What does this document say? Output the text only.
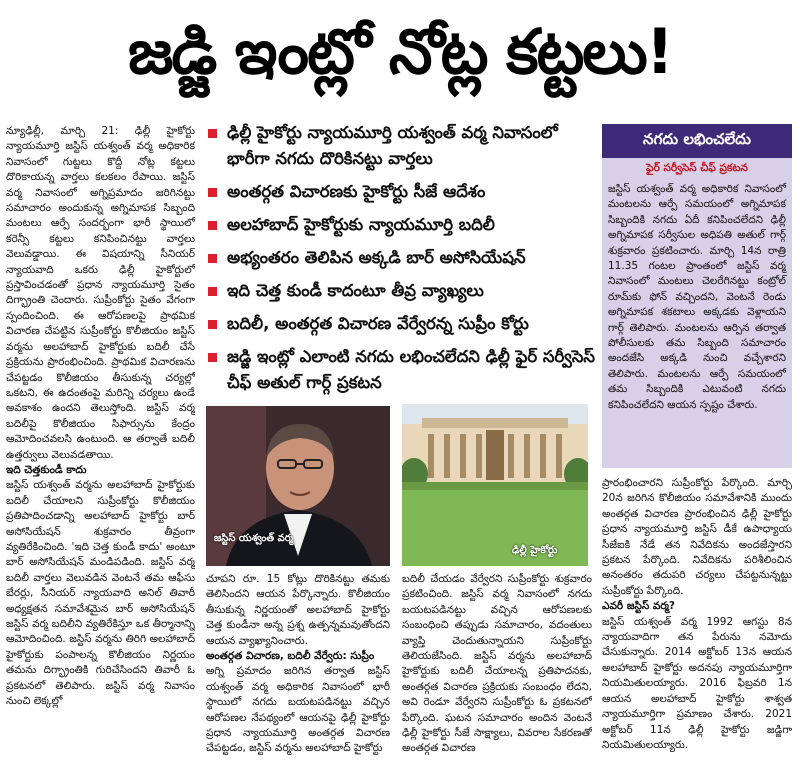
జడ్జి ఇంట్లో నోట్ల కట్టలు!

న్యూఢిల్లీ, మార్చి 21: ఢిల్లీ హైకోర్టు న్యాయమూర్తి జస్టిస్ యశ్వంత్ వర్మ అధికారిక నివాసంలో గుట్టలు కొద్దీ నోట్ల కట్టలు దొరికాయన్న వార్తలు కలకలం రేపాయి. జస్టిస్ వర్మ నివాసంలో అగ్నిప్రమాదం జరిగినట్టు సమాచారం అందుకున్న అగ్నిమాపక సిబ్బంది మంటలు ఆర్పే సందర్భంగా భారీ స్థాయిలో కరెన్సీ కట్టలు కనిపించినట్టు వార్తలు వెలువడ్డాయి. ఈ విషయాన్ని సీనియర్ న్యాయవాది ఒకరు ఢిల్లీ హైకోర్టులో ప్రస్తావించడంతో ప్రధాన న్యాయమూర్తి సైతం దిగ్భ్రాంతి చెందారు. సుప్రీంకోర్టు సైతం వేగంగా స్పందించింది. ఈ ఆరోపణలపై ప్రాథమిక విచారణ చేపట్టిన సుప్రీంకోర్టు కొలీజియం జస్టిస్ వర్మను అలహాబాద్ హైకోర్టుకు బదిలీ చేసే ప్రక్రియను ప్రారంభించింది. ప్రాథమిక విచారణను చేపట్టడం కొలీజియం తీసుకున్న చర్యల్లో ఒకటని, ఈ ఉదంతంపై మరిన్ని చర్యలు ఉండే అవకాశం ఉందని తెలుస్తోంది. జస్టిస్ వర్మ బదిలీపై కొలీజియం సిఫార్సును కేంద్రం ఆమోదించవలసి ఉంటుంది. ఆ తర్వాతే బదిలీ ఉత్తర్వులు వెలువడతాయి.

ఇది చెత్తకుండీ కాదు

జస్టిస్ యశ్వంత్ వర్మను అలహాబాద్ హైకోర్టుకు బదిలీ చేయాలని సుప్రీంకోర్టు కొలీజియం ప్రతిపాదించడాన్ని అలహాబాద్ హైకోర్టు బార్ అసోసియేషన్ శుక్రవారం తీవ్రంగా వ్యతిరేకించింది. 'ఇది చెత్త కుండీ కాదు' అంటూ బార్ అసోసియేషన్ మండిపడింది. జస్టిస్ వర్మ బదిలీ వార్తలు వెలువడిన వెంటనే తమ ఆఫీసు బేరర్లు, సీనియర్ న్యాయవాది అనిల్ తివారీ అధ్యక్షతన సమావేశమైన బార్ అసోసియేషన్ జస్టిస్ వర్మ బదిలీని వ్యతిరేకిస్తూ ఒక తీర్మానాన్ని ఆమోదించింది. జస్టిస్ వర్మను తిరిగి అలహాబాద్ హైకోర్టుకు పంపాలన్న కొలీజియం నిర్ణయం తమను దిగ్భ్రాంతికి గురిచేసిందని తివారీ ఓ ప్రకటనలో తెలిపారు. జస్టిస్ వర్మ నివాసం నుంచి లెక్కల్లో

ఢిల్లీ హైకోర్టు న్యాయమూర్తి యశ్వంత్ వర్మ నివాసంలో భారీగా నగదు దొరికినట్టు వార్తలు
అంతర్గత విచారణకు హైకోర్టు సీజే ఆదేశం
అలహాబాద్ హైకోర్టుకు న్యాయమూర్తి బదిలీ
అభ్యంతరం తెలిపిన అక్కడి బార్ అసోసియేషన్
ఇది చెత్త కుండీ కాదంటూ తీవ్ర వ్యాఖ్యలు
బదిలీ, అంతర్గత విచారణ వేర్వేరన్న సుప్రీం కోర్టు
జడ్జి ఇంట్లో ఎలాంటి నగదు లభించలేదని ఢిల్లీ ఫైర్ సర్వీసెస్ చీఫ్ అతుల్ గార్గ్ ప్రకటన
నగదు లభించలేదు
ఫైర్ సర్వీసెస్ చీఫ్ ప్రకటన
జస్టిస్ యశ్వంత్ వర్మ అధికారిక నివాసంలో మంటలను ఆర్పే సమయంలో అగ్నిమాపక సిబ్బందికి నగదు ఏదీ కనిపించలేదని ఢిల్లీ అగ్నిమాపక సర్వీసుల అధిపతి అతుల్ గార్గ్ శుక్రవారం ప్రకటించారు. మార్చి 14న రాత్రి 11.35 గంటల ప్రాంతంలో జస్టిస్ వర్మ నివాసంలో మంటలు చెలరేగినట్టు కంట్రోల్ రూమ్‌కు ఫోన్ వచ్చిందని, వెంటనే రెండు అగ్నిమాపక శకటాలు అక్కడకు వెళ్లాయని గార్గ్ తెలిపారు. మంటలను ఆర్పిన తర్వాత పోలీసులకు తమ సిబ్బంది సమాచారం అందజేసి అక్కడి నుంచి వచ్చేశారని తెలిపారు. మంటలను ఆర్పే సమయంలో తమ సిబ్బందికి ఎటువంటి నగదు కనిపించలేదని ఆయన స్పష్టం చేశారు.
జస్టిస్ యశ్వంత్ వర్మ
ఢిల్లీ హైకోర్టు

చూపని రూ. 15 కోట్లు దొరికినట్టు తమకు తెలిసిందని ఆయన పేర్కొన్నారు. కొలీజియం తీసుకున్న నిర్ణయంతో అలహాబాద్ హైకోర్టు చెత్త కుండీనా అన్న ప్రశ్న ఉత్పన్నమవుతోందని ఆయన వ్యాఖ్యానించారు.

అంతర్గత విచారణ, బదిలీ వేర్వేరు: సుప్రీం

అగ్ని ప్రమాదం జరిగిన తర్వాత జస్టిస్ యశ్వంత్ వర్మ అధికారిక నివాసంలో భారీ స్థాయిలో నగదు బయటపడినట్టు వచ్చిన ఆరోపణల నేపథ్యంలో ఆయనపై ఢిల్లీ హైకోర్టు ప్రధాన న్యాయమూర్తి అంతర్గత విచారణ చేపట్టడం, జస్టిస్ వర్మను అలహాబాద్ హైకోర్టు

బదిలీ చేయడం వేర్వేరని సుప్రీంకోర్టు శుక్రవారం ప్రకటించింది. జస్టిస్ వర్మ నివాసంలో నగదు బయటపడినట్టు వచ్చిన ఆరోపణలకు సంబంధించి తప్పుడు సమాచారం, వదంతులు వ్యాప్తి చెందుతున్నాయని సుప్రీంకోర్టు తెలియజేసింది. జస్టిస్ వర్మను అలహాబాద్ హైకోర్టుకు బదిలీ చేయాలన్న ప్రతిపాదనకు, అంతర్గత విచారణ ప్రక్రియకు సంబంధం లేదని, అవి రెండూ వేర్వేరని సుప్రీంకోర్టు ఓ ప్రకటనలో పేర్కొంది. ఘటన సమాచారం అందిన వెంటనే ఢిల్లీ హైకోర్టు సీజే సాక్ష్యాలు, వివరాల సేకరణతో అంతర్గత విచారణ

ప్రారంభించారని సుప్రీంకోర్టు పేర్కొంది. మార్చి 20న జరిగిన కొలీజియం సమావేశానికి ముందు అంతర్గత విచారణ ప్రారంభించిన ఢిల్లీ హైకోర్టు ప్రధాన న్యాయమూర్తి జస్టిస్ డీకే ఉపాధ్యాయ సీజేఐకి నేడే తన నివేదికను అందజేస్తారని ప్రకటన పేర్కొంది. నివేదికను పరిశీలించిన అనంతరం తదుపరి చర్యలు చేపట్టనున్నట్టు సుప్రీంకోర్టు పేర్కొంది.

ఎవరీ జస్టిస్ వర్మ?

జస్టిస్ యశ్వంత్ వర్మ 1992 ఆగస్టు 8న న్యాయవాదిగా తన పేరును నమోదు చేసుకున్నారు. 2014 అక్టోబర్ 13న ఆయన అలహాబాద్ హైకోర్టు అదనపు న్యాయమూర్తిగా నియమితులయ్యారు. 2016 ఫిబ్రవరి 1న ఆయన అలహాబాద్ హైకోర్టు శాశ్వత న్యాయమూర్తిగా ప్రమాణం చేశారు. 2021 అక్టోబర్ 11న ఢిల్లీ హైకోర్టు జడ్జిగా నియమితులయ్యారు.
